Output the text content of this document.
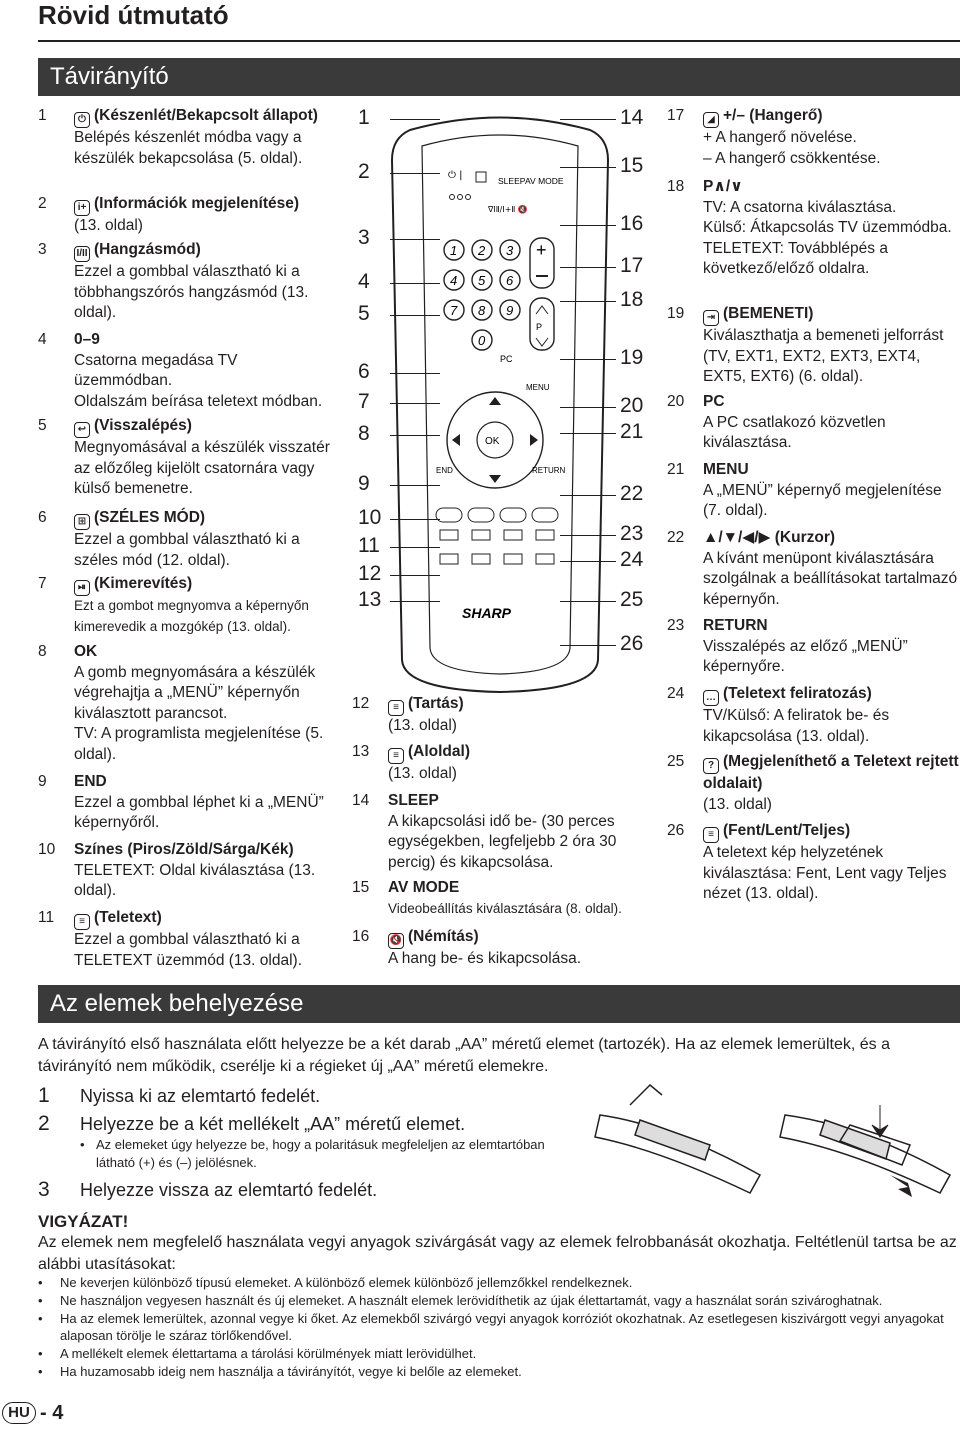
Rövid útmutató
Távirányító
1	⏻ (Készenlét/Bekapcsolt állapot)
Belépés készenlét módba vagy a készülék bekapcsolása (5. oldal).
2	i+ (Információk megjelenítése)
(13. oldal)
3	I/II (Hangzásmód)
Ezzel a gombbal választható ki a többhangszórós hangzásmód (13. oldal).
4	0–9
Csatorna megadása TV üzemmódban.
Oldalszám beírása teletext módban.
5	↩ (Visszalépés)
Megnyomásával a készülék visszatér az előzőleg kijelölt csatornára vagy külső bemenetre.
6	⊞ (SZÉLES MÓD)
Ezzel a gombbal választható ki a széles mód (12. oldal).
7	⏯ (Kimerevítés)
Ezt a gombot megnyomva a képernyőn kimerevedik a mozgókép (13. oldal).
8	OK
A gomb megnyomására a készülék végrehajtja a „MENÜ” képernyőn kiválasztott parancsot.
TV: A programlista megjelenítése (5. oldal).
9	END
Ezzel a gombbal léphet ki a „MENÜ” képernyőről.
10	Színes (Piros/Zöld/Sárga/Kék)
TELETEXT: Oldal kiválasztása (13. oldal).
11	≡ (Teletext)
Ezzel a gombbal választható ki a TELETEXT üzemmód (13. oldal).
12	≡ (Tartás)
(13. oldal)
13	≡ (Aloldal)
(13. oldal)
14	SLEEP
A kikapcsolási idő be- (30 perces egységekben, legfeljebb 2 óra 30 percig) és kikapcsolása.
15	AV MODE
Videobeállítás kiválasztására (8. oldal).
16	🔇 (Némítás)
A hang be- és kikapcsolása.
17	◢ +/– (Hangerő)
+ A hangerő növelése.
– A hangerő csökkentése.
18	P∧/∨
TV: A csatorna kiválasztása.
Külső: Átkapcsolás TV üzemmódba.
TELETEXT: Továbblépés a következő/előző oldalra.
19	⇥ (BEMENETI)
Kiválaszthatja a bemeneti jelforrást (TV, EXT1, EXT2, EXT3, EXT4, EXT5, EXT6) (6. oldal).
20	PC
A PC csatlakozó közvetlen kiválasztása.
21	MENU
A „MENÜ” képernyő megjelenítése (7. oldal).
22	▲/▼/◀/▶ (Kurzor)
A kívánt menüpont kiválasztására szolgálnak a beállításokat tartalmazó képernyőn.
23	RETURN
Visszalépés az előző „MENÜ” képernyőre.
24	… (Teletext feliratozás)
TV/Külső: A feliratok be- és kikapcsolása (13. oldal).
25	? (Megjeleníthető a Teletext rejtett oldalait)
(13. oldal)
26	≡ (Fent/Lent/Teljes)
A teletext kép helyzetének kiválasztása: Fent, Lent vagy Teljes nézet (13. oldal).
⏻ |	SLEEP AV MODE
∇ⅠⅡ/Ⅰ+Ⅱ 🔇
1 2 3
4 5 6
7 8 9
0
+
P
PC
MENU
OK
END	RETURN
SHARP
1
2
3
4
5
6
7
8
9
10
11
12
13
14
15
16
17
18
19
20
21
22
23
24
25
26
Az elemek behelyezése
A távirányító első használata előtt helyezze be a két darab „AA” méretű elemet (tartozék). Ha az elemek lemerültek, és a távirányító nem működik, cserélje ki a régieket új „AA” méretű elemekre.
1 Nyissa ki az elemtartó fedelét.
2 Helyezze be a két mellékelt „AA” méretű elemet.
• Az elemeket úgy helyezze be, hogy a polaritásuk megfeleljen az elemtartóban látható (+) és (–) jelölésnek.
3 Helyezze vissza az elemtartó fedelét.
VIGYÁZAT!
Az elemek nem megfelelő használata vegyi anyagok szivárgását vagy az elemek felrobbanását okozhatja. Feltétlenül tartsa be az alábbi utasításokat:
• Ne keverjen különböző típusú elemeket. A különböző elemek különböző jellemzőkkel rendelkeznek.
• Ne használjon vegyesen használt és új elemeket. A használt elemek lerövidíthetik az újak élettartamát, vagy a használat során szivároghatnak.
• Ha az elemek lemerültek, azonnal vegye ki őket. Az elemekből szivárgó vegyi anyagok korróziót okozhatnak. Az esetlegesen kiszivárgott vegyi anyagokat alaposan törölje le száraz törlőkendővel.
• A mellékelt elemek élettartama a tárolási körülmények miatt lerövidülhet.
• Ha huzamosabb ideig nem használja a távirányítót, vegye ki belőle az elemeket.
HU - 4
